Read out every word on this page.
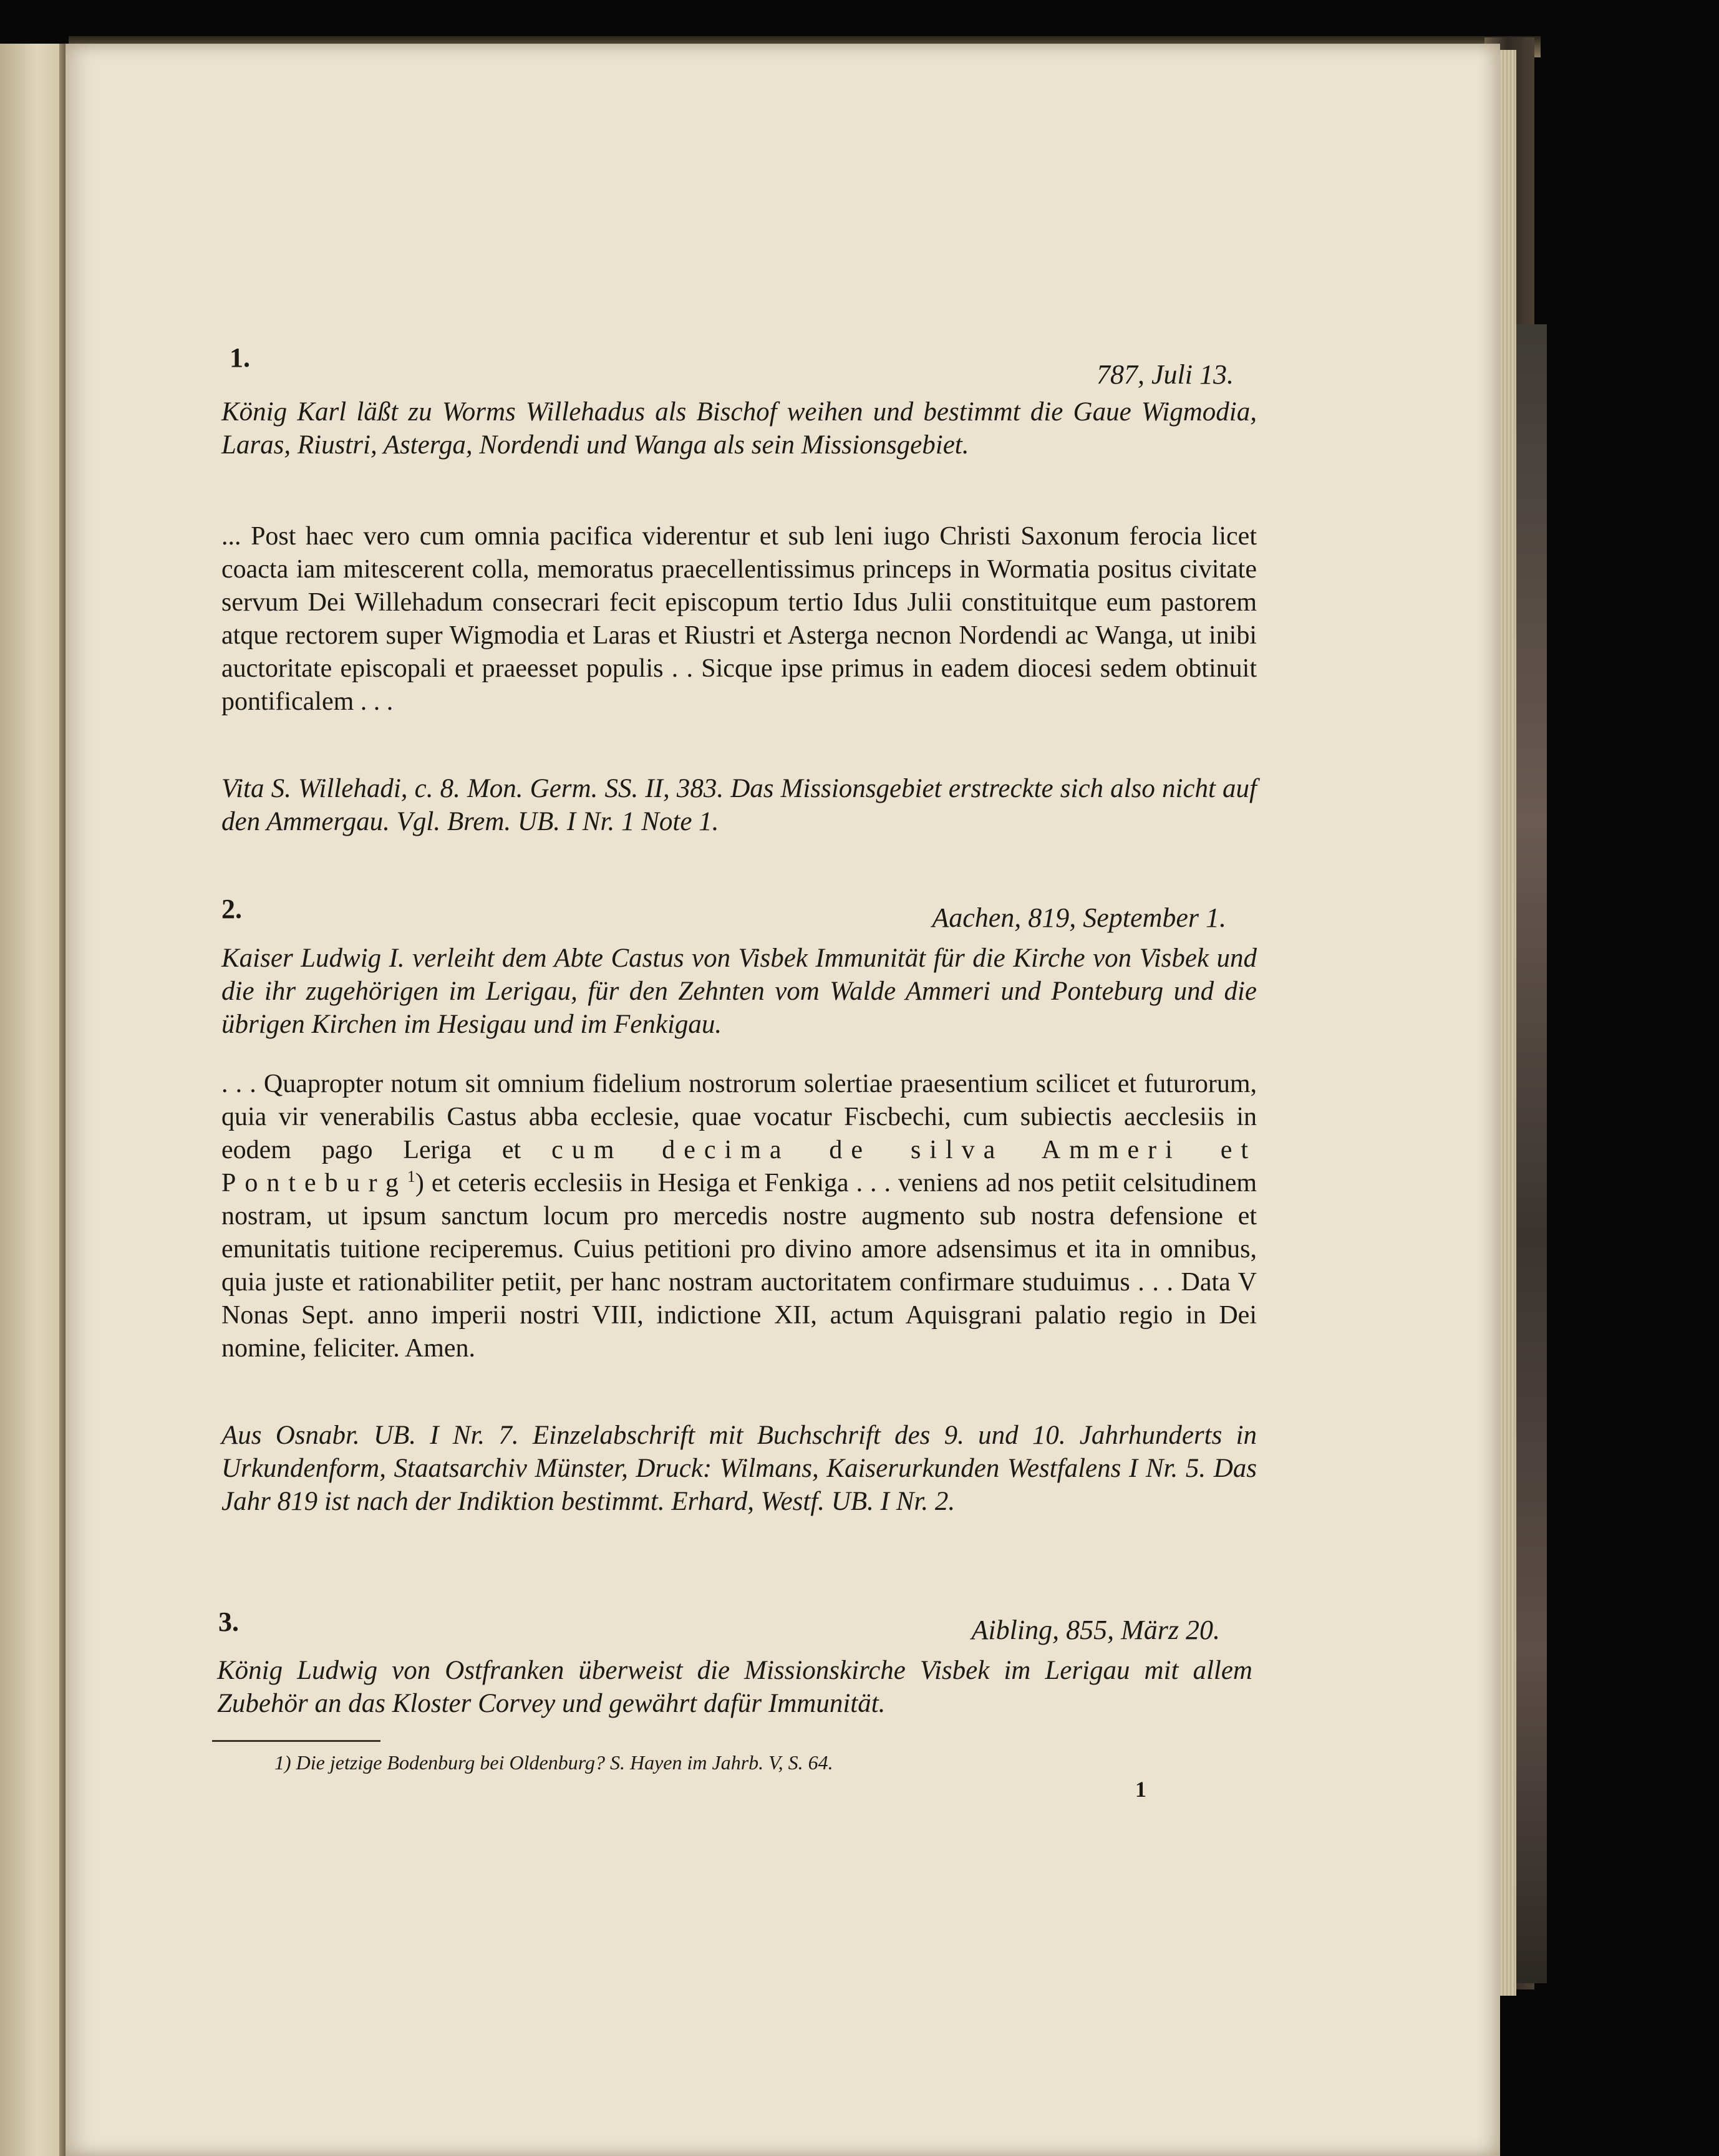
1.
787, Juli 13.
König Karl läßt zu Worms Willehadus als Bischof weihen und bestimmt die Gaue Wigmodia, Laras, Riustri, Asterga, Nordendi und Wanga als sein Missionsgebiet.
... Post haec vero cum omnia pacifica viderentur et sub leni iugo Christi Saxonum ferocia licet coacta iam mitescerent colla, memoratus praecellentissimus princeps in Wormatia positus civitate servum Dei Willehadum consecrari fecit episcopum tertio Idus Julii constituitque eum pastorem atque rectorem super Wigmodia et Laras et Riustri et Asterga necnon Nordendi ac Wanga, ut inibi auctoritate episcopali et praeesset populis . . Sicque ipse primus in eadem diocesi sedem obtinuit pontificalem . . .
Vita S. Willehadi, c. 8. Mon. Germ. SS. II, 383. Das Missionsgebiet erstreckte sich also nicht auf den Ammergau. Vgl. Brem. UB. I Nr. 1 Note 1.
2.	Aachen, 819, September 1.
Kaiser Ludwig I. verleiht dem Abte Castus von Visbek Immunität für die Kirche von Visbek und die ihr zugehörigen im Lerigau, für den Zehnten vom Walde Ammeri und Ponteburg und die übrigen Kirchen im Hesigau und im Fenkigau.
. . . Quapropter notum sit omnium fidelium nostrorum solertiae praesentium scilicet et futurorum, quia vir venerabilis Castus abba ecclesie, quae vocatur Fiscbechi, cum subiectis aecclesiis in eodem pago Leriga et cum decima de silva Ammeri et Ponteburg$^1$) et ceteris ecclesiis in Hesiga et Fenkiga . . . veniens ad nos petiit celsitudinem nostram, ut ipsum sanctum locum pro mercedis nostre augmento sub nostra defensione et emunitatis tuitione reciperemus. Cuius petitioni pro divino amore adsensimus et ita in omnibus, quia juste et rationabiliter petiit, per hanc nostram auctoritatem confirmare studuimus . . . Data V Nonas Sept. anno imperii nostri VIII, indictione XII, actum Aquisgrani palatio regio in Dei nomine, feliciter. Amen.
Aus Osnabr. UB. I Nr. 7. Einzelabschrift mit Buchschrift des 9. und 10. Jahrhunderts in Urkundenform, Staatsarchiv Münster, Druck: Wilmans, Kaiserurkunden Westfalens I Nr. 5. Das Jahr 819 ist nach der Indiktion bestimmt. Erhard, Westf. UB. I Nr. 2.
3.	Aibling, 855, März 20.
König Ludwig von Ostfranken überweist die Missionskirche Visbek im Lerigau mit allem Zubehör an das Kloster Corvey und gewährt dafür Immunität.
1) Die jetzige Bodenburg bei Oldenburg? S. Hayen im Jahrb. V, S. 64.
1
